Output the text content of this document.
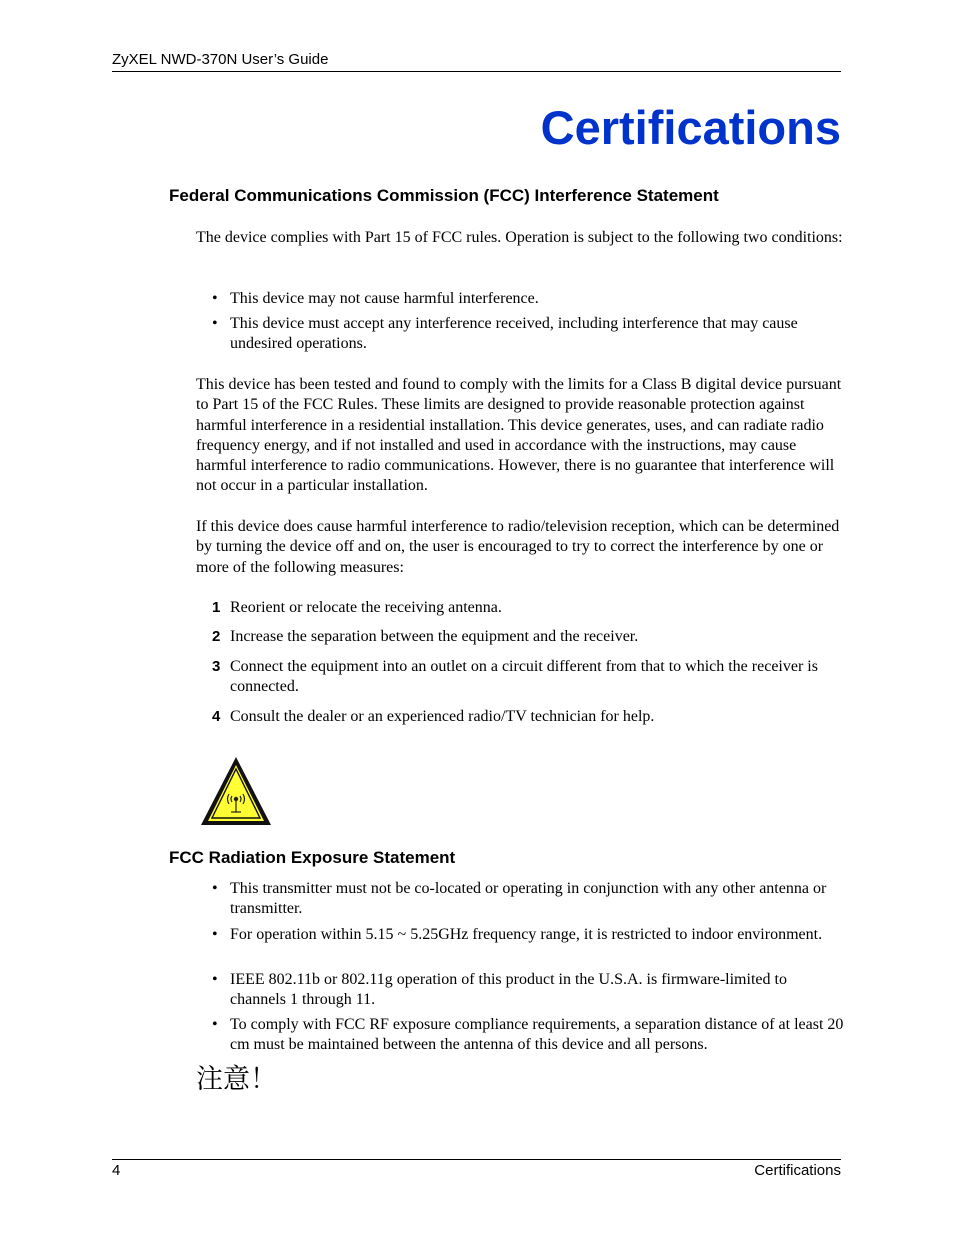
ZyXEL NWD-370N User’s Guide
Certifications
Federal Communications Commission (FCC) Interference Statement

The device complies with Part 15 of FCC rules. Operation is subject to the following two conditions:

• This device may not cause harmful interference.
• This device must accept any interference received, including interference that may cause undesired operations.

This device has been tested and found to comply with the limits for a Class B digital device pursuant to Part 15 of the FCC Rules. These limits are designed to provide reasonable protection against harmful interference in a residential installation. This device generates, uses, and can radiate radio frequency energy, and if not installed and used in accordance with the instructions, may cause harmful interference to radio communications. However, there is no guarantee that interference will not occur in a particular installation.

If this device does cause harmful interference to radio/television reception, which can be determined by turning the device off and on, the user is encouraged to try to correct the interference by one or more of the following measures:

1 Reorient or relocate the receiving antenna.
2 Increase the separation between the equipment and the receiver.
3 Connect the equipment into an outlet on a circuit different from that to which the receiver is connected.
4 Consult the dealer or an experienced radio/TV technician for help.
FCC Radiation Exposure Statement
• This transmitter must not be co-located or operating in conjunction with any other antenna or transmitter.
• For operation within 5.15 ~ 5.25GHz frequency range, it is restricted to indoor environment.
• IEEE 802.11b or 802.11g operation of this product in the U.S.A. is firmware-limited to channels 1 through 11.
• To comply with FCC RF exposure compliance requirements, a separation distance of at least 20 cm must be maintained between the antenna of this device and all persons.
注意！
4	Certifications
